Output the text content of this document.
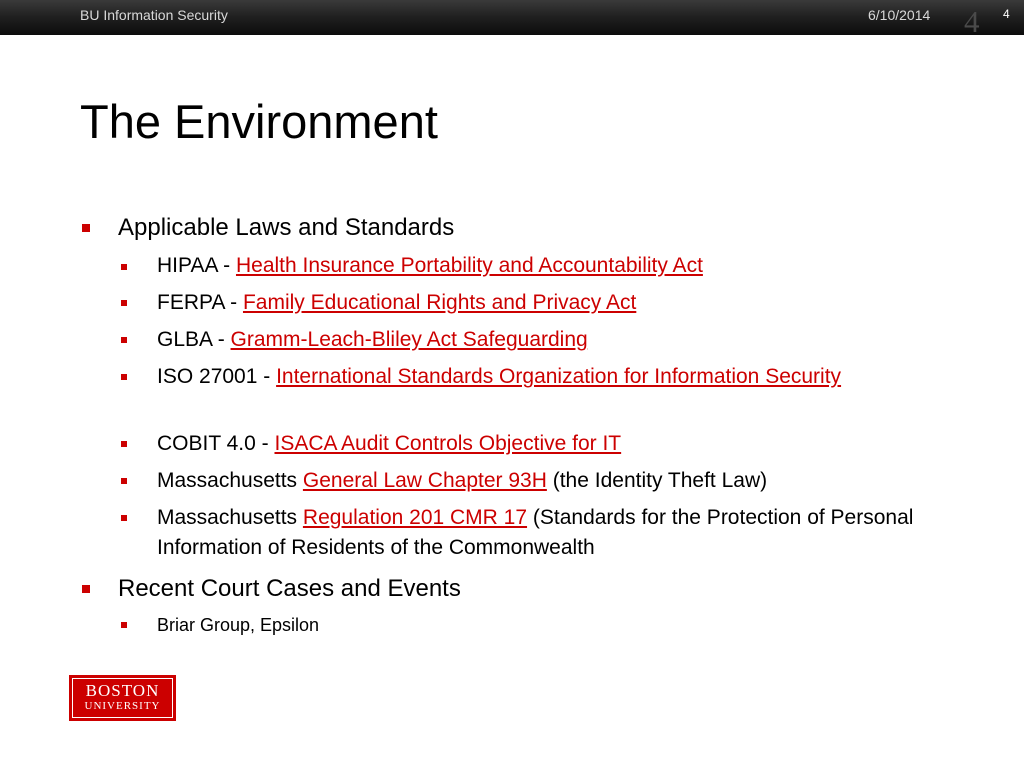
BU Information Security	6/10/2014	4
4
The Environment
Applicable Laws and Standards
HIPAA - Health Insurance Portability and Accountability Act
FERPA - Family Educational Rights and Privacy Act
GLBA - Gramm-Leach-Bliley Act Safeguarding
ISO 27001 - International Standards Organization for Information Security
COBIT 4.0 - ISACA Audit Controls Objective for IT
Massachusetts General Law Chapter 93H (the Identity Theft Law)
Massachusetts Regulation 201 CMR 17 (Standards for the Protection of Personal Information of Residents of the Commonwealth
Recent Court Cases and Events
Briar Group, Epsilon
BOSTON
UNIVERSITY
